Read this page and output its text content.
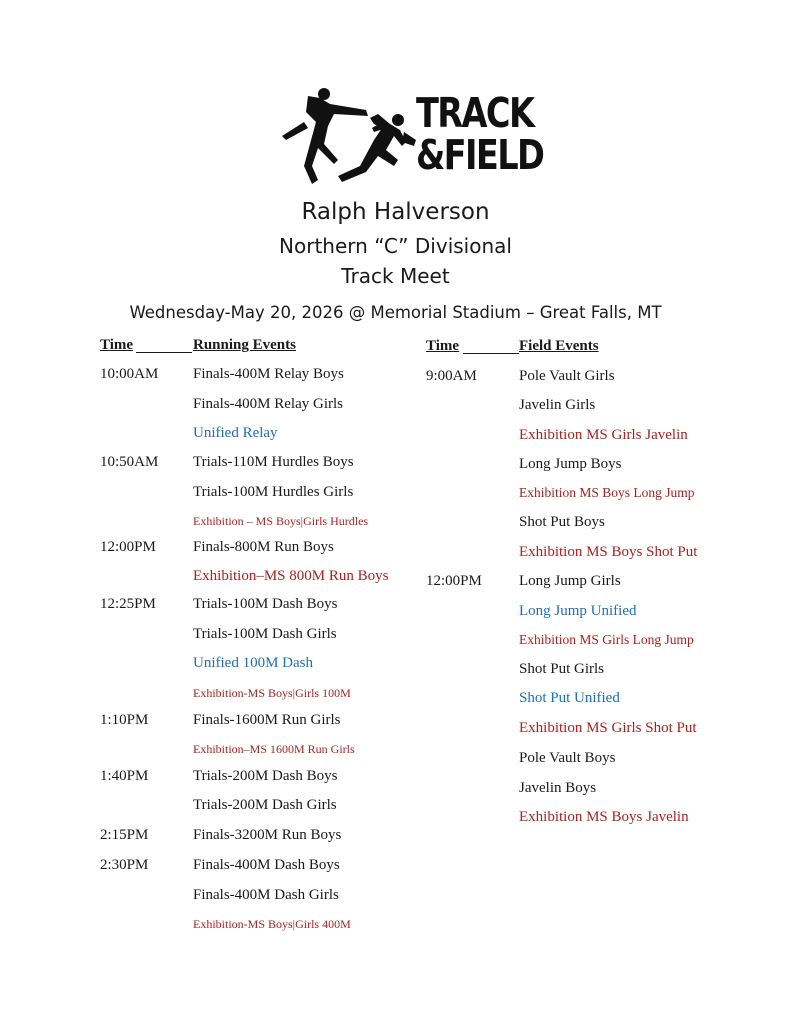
TRACK
&FIELD
Ralph Halverson
Northern “C” Divisional
Track Meet
Wednesday-May 20, 2026 @ Memorial Stadium – Great Falls, MT
Time	Running Events	Time	Field Events
10:00AM Finals-400M Relay Boys
Finals-400M Relay Girls
Unified Relay
10:50AM Trials-110M Hurdles Boys
Trials-100M Hurdles Girls
Exhibition – MS Boys|Girls Hurdles
12:00PM Finals-800M Run Boys
Exhibition–MS 800M Run Boys
12:25PM Trials-100M Dash Boys
Trials-100M Dash Girls
Unified 100M Dash
Exhibition-MS Boys|Girls 100M
1:10PM	Finals-1600M Run Girls
Exhibition–MS 1600M Run Girls
1:40PM	Trials-200M Dash Boys
Trials-200M Dash Girls
2:15PM	Finals-3200M Run Boys
2:30PM	Finals-400M Dash Boys
Finals-400M Dash Girls
Exhibition-MS Boys|Girls 400M
9:00AM	Pole Vault Girls
Javelin Girls
Exhibition MS Girls Javelin
Long Jump Boys
Exhibition MS Boys Long Jump
Shot Put Boys
Exhibition MS Boys Shot Put
12:00PM Long Jump Girls
Long Jump Unified
Exhibition MS Girls Long Jump
Shot Put Girls
Shot Put Unified
Exhibition MS Girls Shot Put
Pole Vault Boys
Javelin Boys
Exhibition MS Boys Javelin
